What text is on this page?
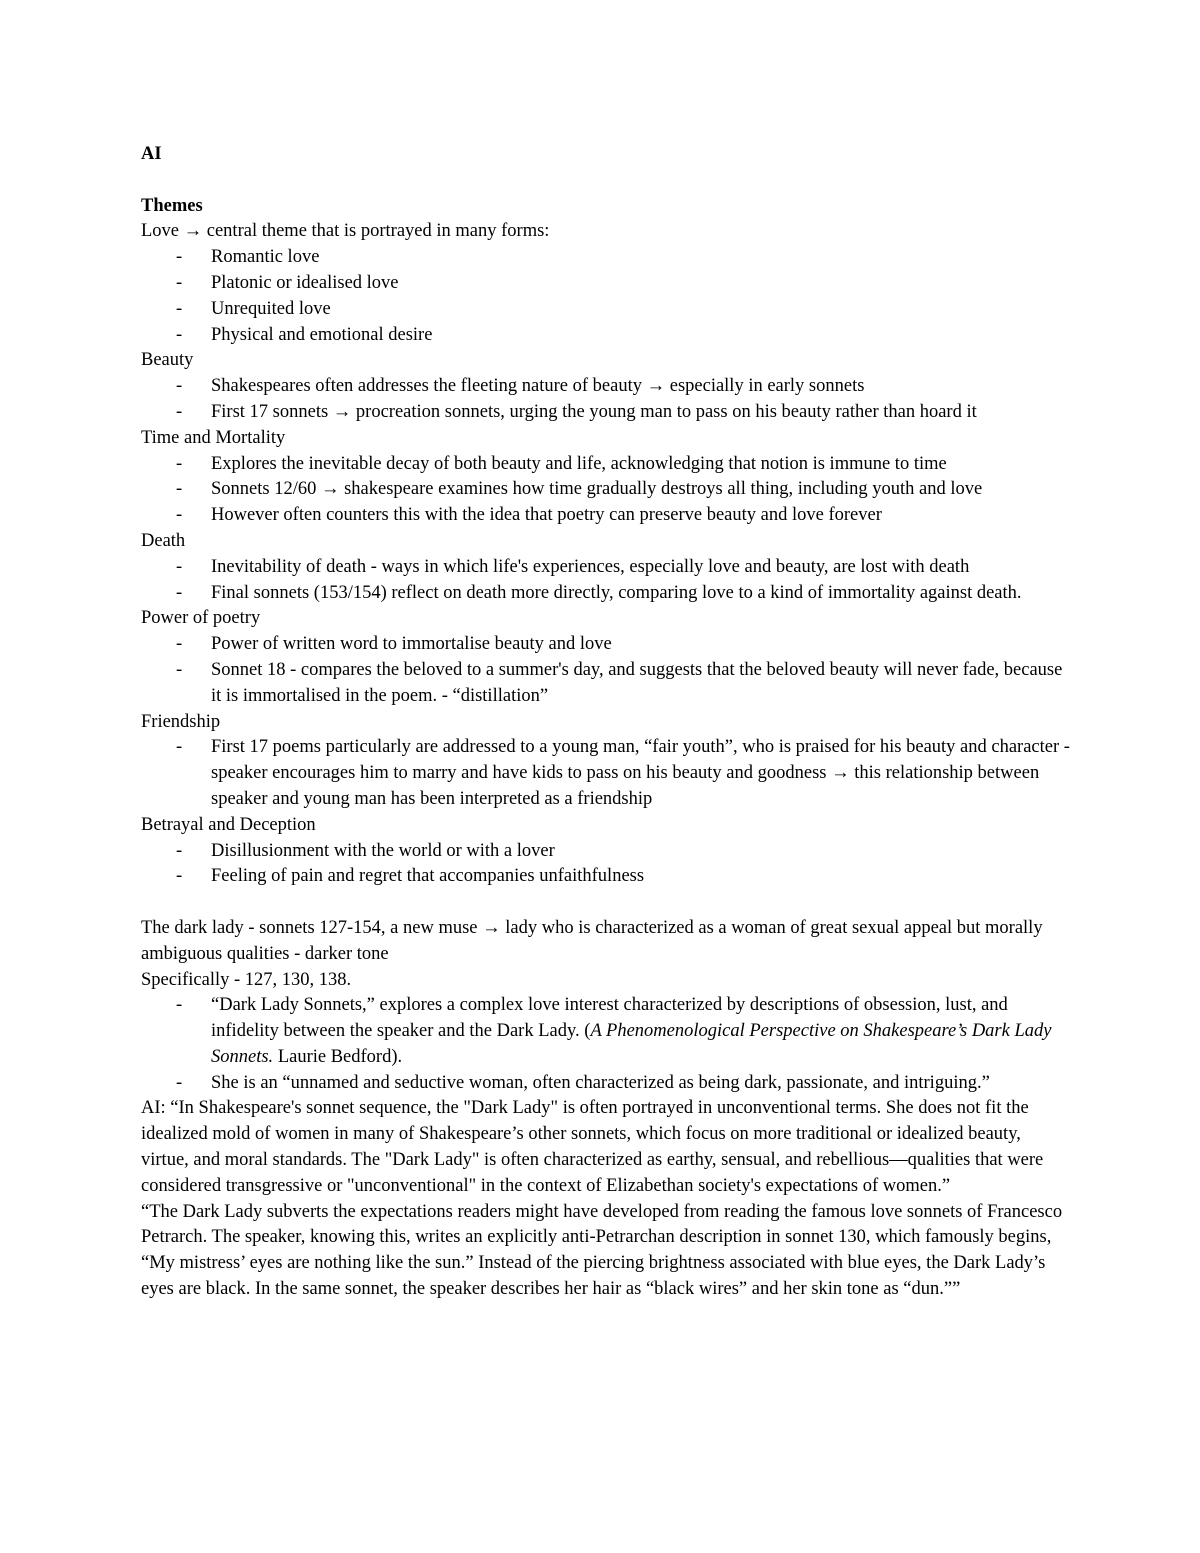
AI
Themes
Love → central theme that is portrayed in many forms:
- Romantic love
- Platonic or idealised love
- Unrequited love
- Physical and emotional desire
Beauty
- Shakespeares often addresses the fleeting nature of beauty → especially in early sonnets
- First 17 sonnets → procreation sonnets, urging the young man to pass on his beauty rather than hoard it
Time and Mortality
- Explores the inevitable decay of both beauty and life, acknowledging that notion is immune to time
- Sonnets 12/60 → shakespeare examines how time gradually destroys all thing, including youth and love
- However often counters this with the idea that poetry can preserve beauty and love forever
Death
- Inevitability of death - ways in which life's experiences, especially love and beauty, are lost with death
- Final sonnets (153/154) reflect on death more directly, comparing love to a kind of immortality against death.
Power of poetry
- Power of written word to immortalise beauty and love
- Sonnet 18 - compares the beloved to a summer's day, and suggests that the beloved beauty will never fade, because it is immortalised in the poem. - “distillation”
Friendship
- First 17 poems particularly are addressed to a young man, “fair youth”, who is praised for his beauty and character - speaker encourages him to marry and have kids to pass on his beauty and goodness → this relationship between speaker and young man has been interpreted as a friendship
Betrayal and Deception
- Disillusionment with the world or with a lover
- Feeling of pain and regret that accompanies unfaithfulness

The dark lady - sonnets 127-154, a new muse → lady who is characterized as a woman of great sexual appeal but morally ambiguous qualities - darker tone

Specifically - 127, 130, 138.
- “Dark Lady Sonnets,” explores a complex love interest characterized by descriptions of obsession, lust, and infidelity between the speaker and the Dark Lady. (A Phenomenological Perspective on Shakespeare’s Dark Lady Sonnets. Laurie Bedford).
- She is an “unnamed and seductive woman, often characterized as being dark, passionate, and intriguing.”

AI: “In Shakespeare's sonnet sequence, the "Dark Lady" is often portrayed in unconventional terms. She does not fit the idealized mold of women in many of Shakespeare’s other sonnets, which focus on more traditional or idealized beauty, virtue, and moral standards. The "Dark Lady" is often characterized as earthy, sensual, and rebellious—qualities that were considered transgressive or "unconventional" in the context of Elizabethan society's expectations of women.”

“The Dark Lady subverts the expectations readers might have developed from reading the famous love sonnets of Francesco Petrarch. The speaker, knowing this, writes an explicitly anti-Petrarchan description in sonnet 130, which famously begins, “My mistress’ eyes are nothing like the sun.” Instead of the piercing brightness associated with blue eyes, the Dark Lady’s eyes are black. In the same sonnet, the speaker describes her hair as “black wires” and her skin tone as “dun.””
